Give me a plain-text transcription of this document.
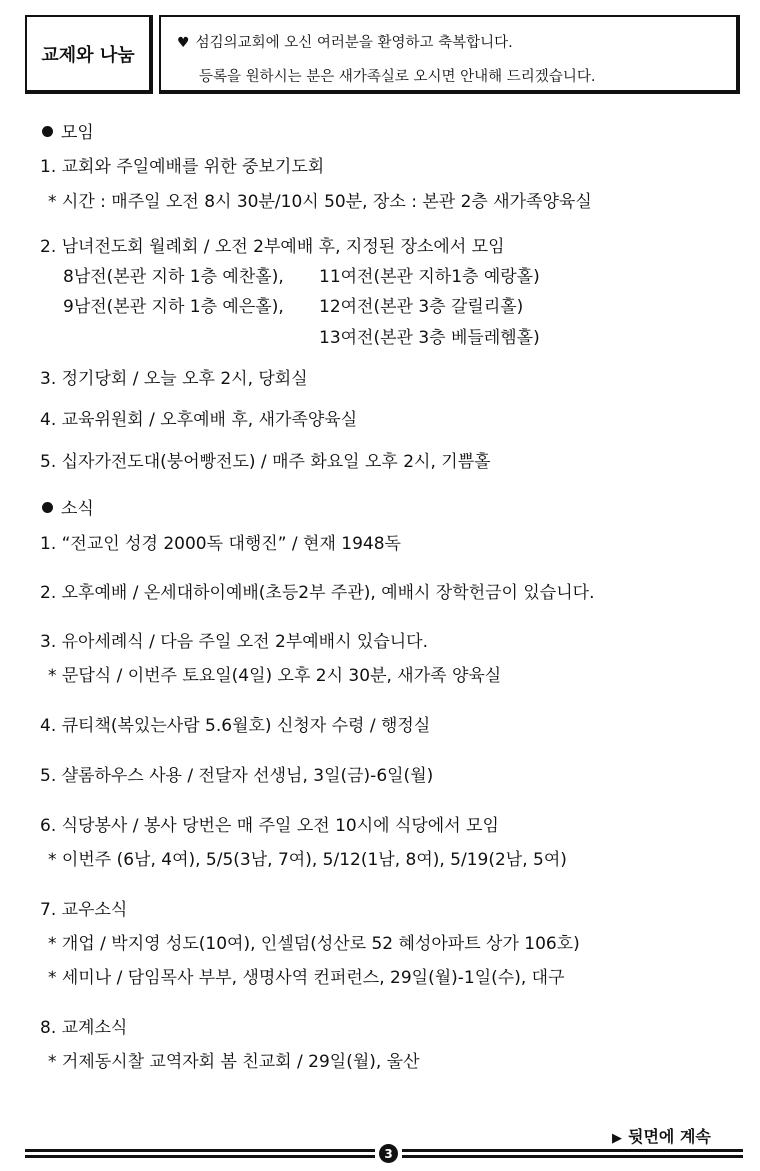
교제와 나눔
♥ 섬김의교회에 오신 여러분을 환영하고 축복합니다.
등록을 원하시는 분은 새가족실로 오시면 안내해 드리겠습니다.
모임
1. 교회와 주일예배를 위한 중보기도회
* 시간 : 매주일 오전 8시 30분/10시 50분, 장소 : 본관 2층 새가족양육실
2. 남녀전도회 월례회 / 오전 2부예배 후, 지정된 장소에서 모임
8남전(본관 지하 1층 예찬홀), 11여전(본관 지하1층 예랑홀)
9남전(본관 지하 1층 예은홀), 12여전(본관 3층 갈릴리홀)
13여전(본관 3층 베들레헴홀)
3. 정기당회 / 오늘 오후 2시, 당회실
4. 교육위원회 / 오후예배 후, 새가족양육실
5. 십자가전도대(붕어빵전도) / 매주 화요일 오후 2시, 기쁨홀
소식
1. “전교인 성경 2000독 대행진” / 현재 1948독
2. 오후예배 / 온세대하이예배(초등2부 주관), 예배시 장학헌금이 있습니다.
3. 유아세례식 / 다음 주일 오전 2부예배시 있습니다.
* 문답식 / 이번주 토요일(4일) 오후 2시 30분, 새가족 양육실
4. 큐티책(복있는사람 5.6월호) 신청자 수령 / 행정실
5. 샬롬하우스 사용 / 전달자 선생님, 3일(금)-6일(월)
6. 식당봉사 / 봉사 당번은 매 주일 오전 10시에 식당에서 모임
* 이번주 (6남, 4여), 5/5(3남, 7여), 5/12(1남, 8여), 5/19(2남, 5여)
7. 교우소식
* 개업 / 박지영 성도(10여), 인셀덤(성산로 52 혜성아파트 상가 106호)
* 세미나 / 담임목사 부부, 생명사역 컨퍼런스, 29일(월)-1일(수), 대구
8. 교계소식
* 거제동시찰 교역자회 봄 친교회 / 29일(월), 울산
▶ 뒷면에 계속
3
